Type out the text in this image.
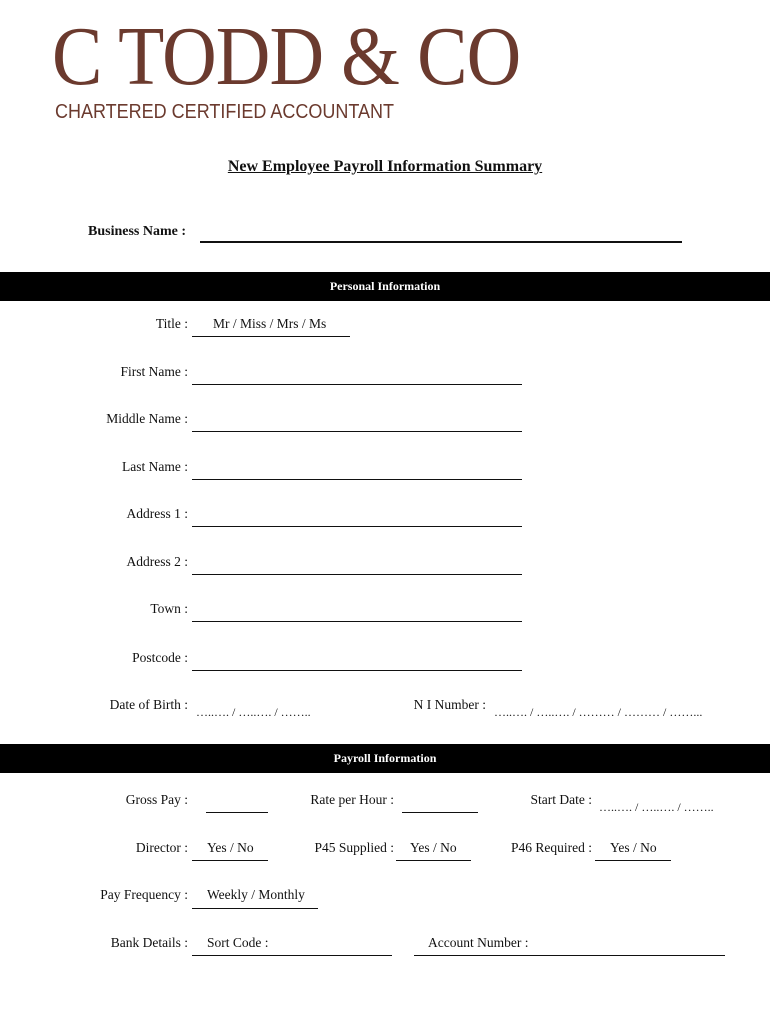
C TODD & CO
CHARTERED CERTIFIED ACCOUNTANT
New Employee Payroll Information Summary
Business Name :
Personal Information
Title : Mr / Miss / Mrs / Ms
First Name :
Middle Name :
Last Name :
Address 1 :
Address 2 :
Town :
Postcode :
Date of Birth : …..…. / …..…. / ……..	N I Number : …..…. / …..…. / ……… / ……… / ……...
Payroll Information
Gross Pay :	Rate per Hour :	Start Date : …..…. / …..…. / ……..
Director : Yes / No	P45 Supplied : Yes / No	P46 Required : Yes / No
Pay Frequency : Weekly / Monthly
Bank Details : Sort Code :	Account Number :
